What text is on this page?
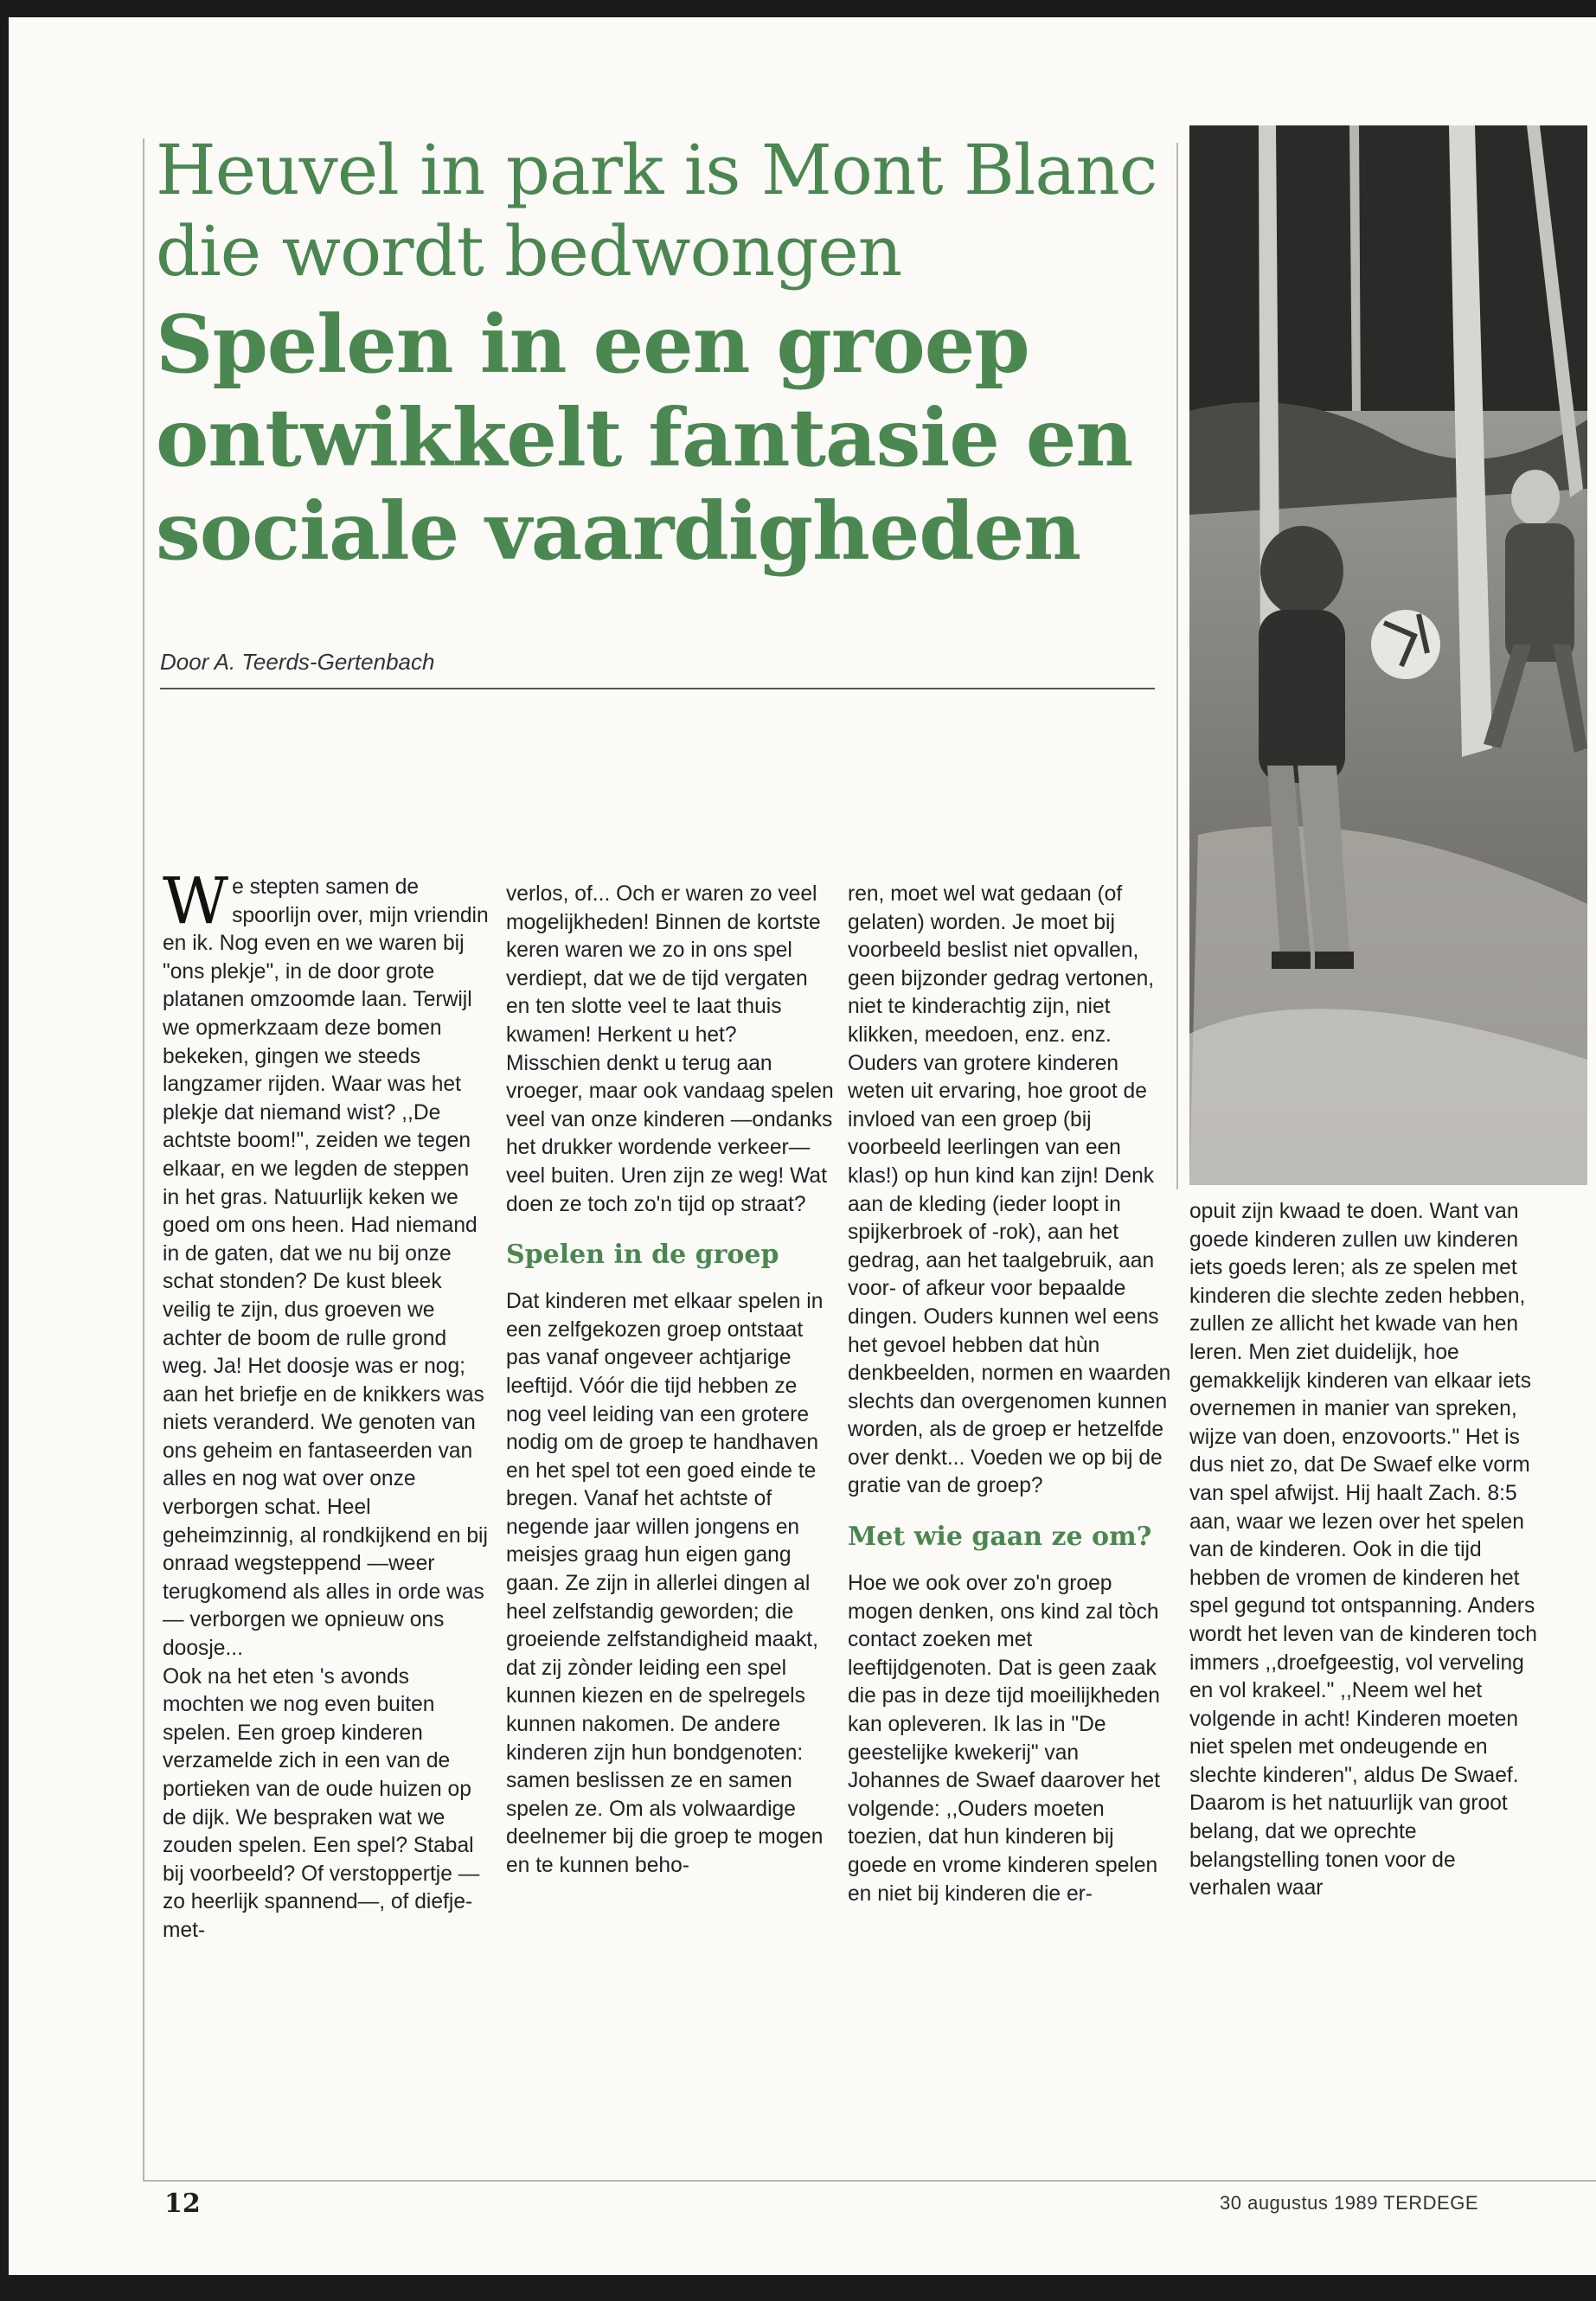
Heuvel in park is Mont Blanc
die wordt bedwongen
Spelen in een groep
ontwikkelt fantasie en
sociale vaardigheden
Door A. Teerds-Gertenbach

We stepten samen de spoorlijn over, mijn vriendin en ik. Nog even en we waren bij "ons plekje", in de door grote platanen omzoomde laan. Terwijl we opmerkzaam deze bomen bekeken, gingen we steeds langzamer rijden. Waar was het plekje dat niemand wist? ,,De achtste boom!", zeiden we tegen elkaar, en we legden de steppen in het gras. Natuurlijk keken we goed om ons heen. Had niemand in de gaten, dat we nu bij onze schat stonden? De kust bleek veilig te zijn, dus groeven we achter de boom de rulle grond weg. Ja! Het doosje was er nog; aan het briefje en de knikkers was niets veranderd. We genoten van ons geheim en fantaseerden van alles en nog wat over onze verborgen schat. Heel geheimzinnig, al rondkijkend en bij onraad wegsteppend —weer terugkomend als alles in orde was— verborgen we opnieuw ons doosje...

Ook na het eten 's avonds mochten we nog even buiten spelen. Een groep kinderen verzamelde zich in een van de portieken van de oude huizen op de dijk. We bespraken wat we zouden spelen. Een spel? Stabal bij voorbeeld? Of verstoppertje —zo heerlijk spannend—, of diefje-met-

verlos, of... Och er waren zo veel mogelijkheden! Binnen de kortste keren waren we zo in ons spel verdiept, dat we de tijd vergaten en ten slotte veel te laat thuis kwamen! Herkent u het? Misschien denkt u terug aan vroeger, maar ook vandaag spelen veel van onze kinderen —ondanks het drukker wordende verkeer— veel buiten. Uren zijn ze weg! Wat doen ze toch zo'n tijd op straat?

Spelen in de groep

Dat kinderen met elkaar spelen in een zelfgekozen groep ontstaat pas vanaf ongeveer achtjarige leeftijd. Vóór die tijd hebben ze nog veel leiding van een grotere nodig om de groep te handhaven en het spel tot een goed einde te bregen. Vanaf het achtste of negende jaar willen jongens en meisjes graag hun eigen gang gaan. Ze zijn in allerlei dingen al heel zelfstandig geworden; die groeiende zelfstandigheid maakt, dat zij zònder leiding een spel kunnen kiezen en de spelregels kunnen nakomen. De andere kinderen zijn hun bondgenoten: samen beslissen ze en samen spelen ze. Om als volwaardige deelnemer bij die groep te mogen en te kunnen beho-

ren, moet wel wat gedaan (of gelaten) worden. Je moet bij voorbeeld beslist niet opvallen, geen bijzonder gedrag vertonen, niet te kinderachtig zijn, niet klikken, meedoen, enz. enz. Ouders van grotere kinderen weten uit ervaring, hoe groot de invloed van een groep (bij voorbeeld leerlingen van een klas!) op hun kind kan zijn! Denk aan de kleding (ieder loopt in spijkerbroek of -rok), aan het gedrag, aan het taalgebruik, aan voor- of afkeur voor bepaalde dingen. Ouders kunnen wel eens het gevoel hebben dat hùn denkbeelden, normen en waarden slechts dan overgenomen kunnen worden, als de groep er hetzelfde over denkt... Voeden we op bij de gratie van de groep?

Met wie gaan ze om?

Hoe we ook over zo'n groep mogen denken, ons kind zal tòch contact zoeken met leeftijdgenoten. Dat is geen zaak die pas in deze tijd moeilijkheden kan opleveren. Ik las in "De geestelijke kwekerij" van Johannes de Swaef daarover het volgende: ,,Ouders moeten toezien, dat hun kinderen bij goede en vrome kinderen spelen en niet bij kinderen die er-

opuit zijn kwaad te doen. Want van goede kinderen zullen uw kinderen iets goeds leren; als ze spelen met kinderen die slechte zeden hebben, zullen ze allicht het kwade van hen leren. Men ziet duidelijk, hoe gemakkelijk kinderen van elkaar iets overnemen in manier van spreken, wijze van doen, enzovoorts." Het is dus niet zo, dat De Swaef elke vorm van spel afwijst. Hij haalt Zach. 8:5 aan, waar we lezen over het spelen van de kinderen. Ook in die tijd hebben de vromen de kinderen het spel gegund tot ontspanning. Anders wordt het leven van de kinderen toch immers ,,droefgeestig, vol verveling en vol krakeel." ,,Neem wel het volgende in acht! Kinderen moeten niet spelen met ondeugende en slechte kinderen", aldus De Swaef.

Daarom is het natuurlijk van groot belang, dat we oprechte belangstelling tonen voor de verhalen waar

12	30 augustus 1989 TERDEGE
